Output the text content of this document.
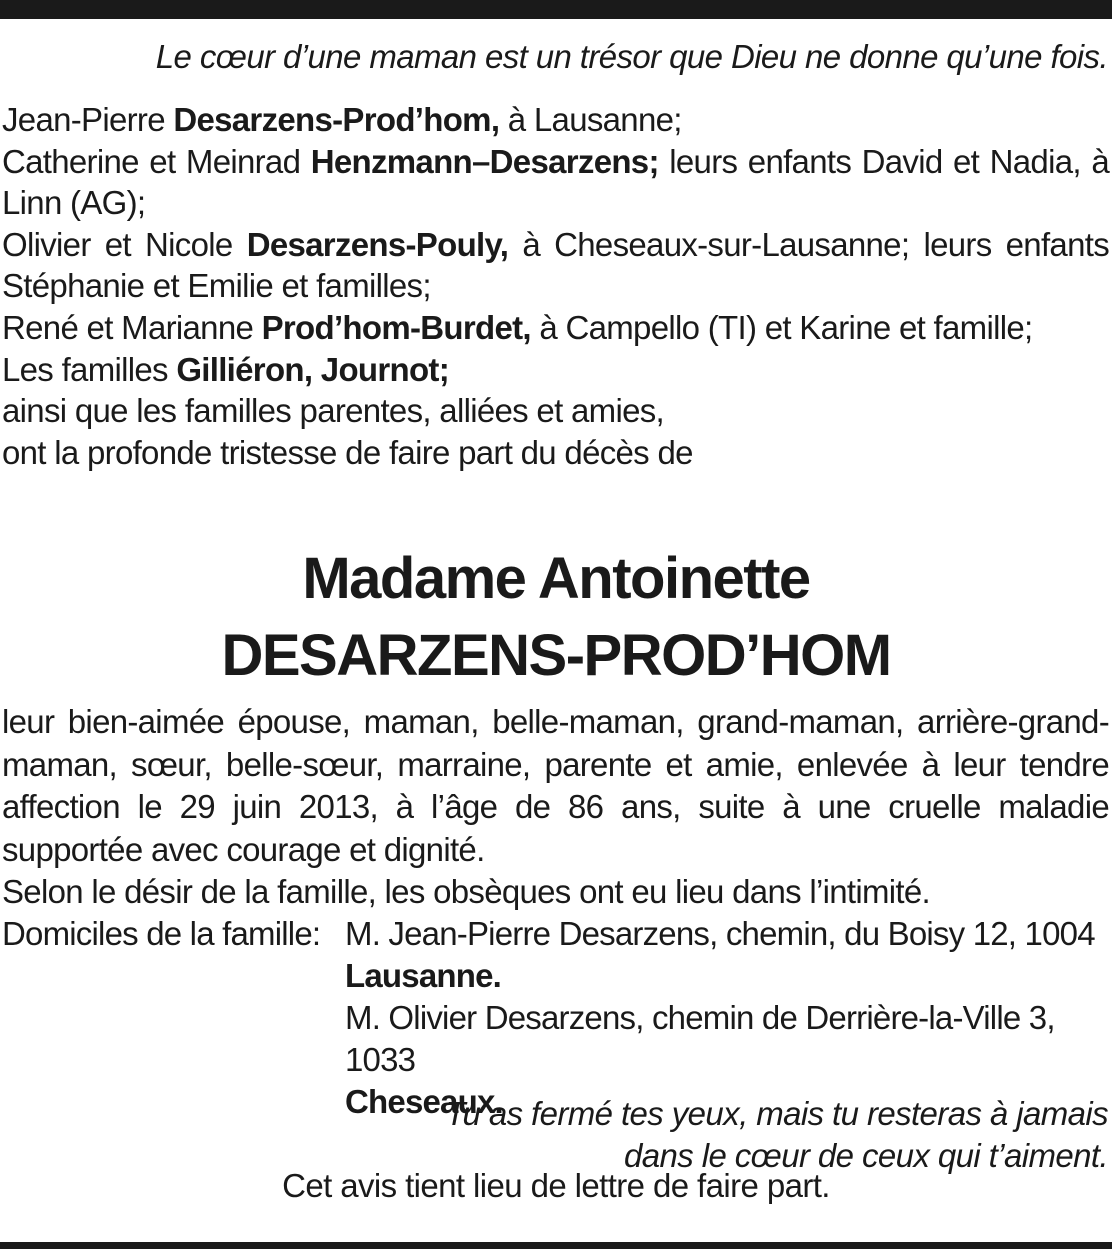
Le cœur d’une maman est un trésor que Dieu ne donne qu’une fois.
Jean-Pierre Desarzens-Prod’hom, à Lausanne;
Catherine et Meinrad Henzmann–Desarzens; leurs enfants David et Nadia, à Linn (AG);
Olivier et Nicole Desarzens-Pouly, à Cheseaux-sur-Lausanne; leurs enfants Stéphanie et Emilie et familles;
René et Marianne Prod’hom-Burdet, à Campello (TI) et Karine et famille;
Les familles Gilliéron, Journot;
ainsi que les familles parentes, alliées et amies,
ont la profonde tristesse de faire part du décès de
Madame Antoinette
DESARZENS-PROD’HOM
leur bien-aimée épouse, maman, belle-maman, grand-maman, arrière-grand-maman, sœur, belle-sœur, marraine, parente et amie, enlevée à leur tendre affection le 29 juin 2013, à l’âge de 86 ans, suite à une cruelle maladie supportée avec courage et dignité.
Selon le désir de la famille, les obsèques ont eu lieu dans l’intimité.
Domiciles de la famille: M. Jean-Pierre Desarzens, chemin, du Boisy 12, 1004
Lausanne.
M. Olivier Desarzens, chemin de Derrière-la-Ville 3, 1033
Cheseaux.
Tu as fermé tes yeux, mais tu resteras à jamais
dans le cœur de ceux qui t’aiment.
Cet avis tient lieu de lettre de faire part.
